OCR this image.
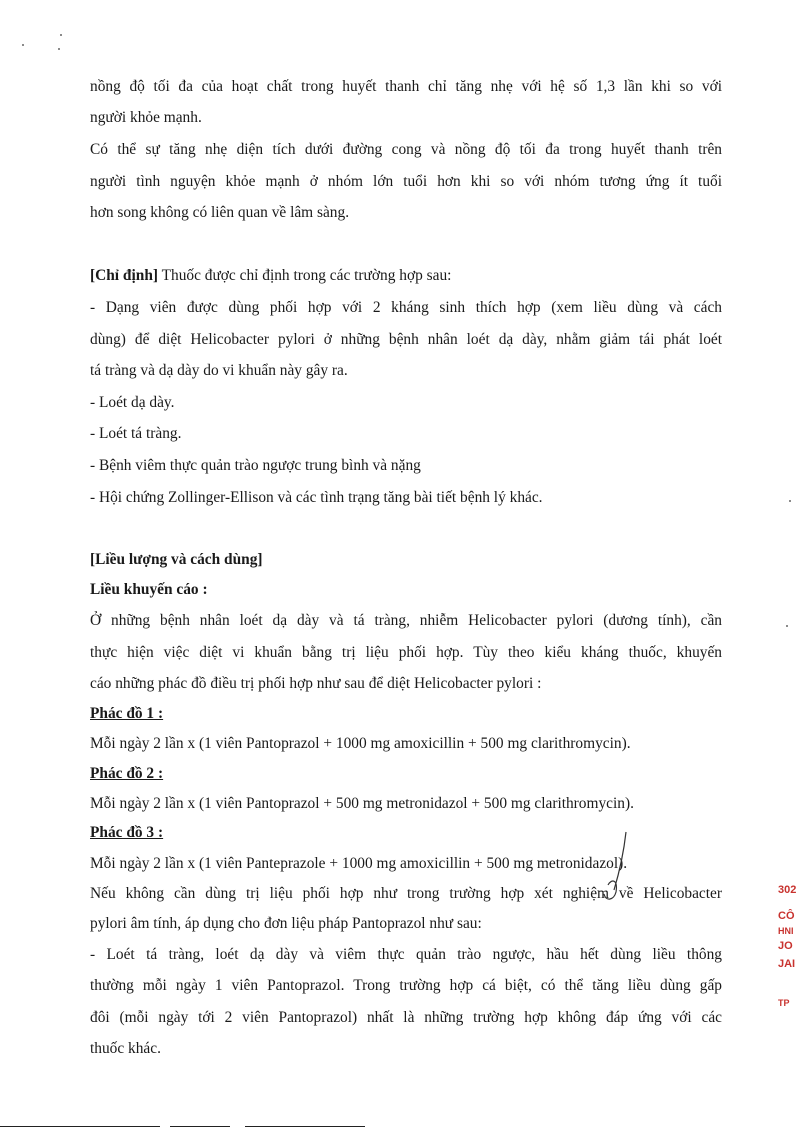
nồng độ tối đa của hoạt chất trong huyết thanh chỉ tăng nhẹ với hệ số 1,3 lần khi so với
người khỏe mạnh.
Có thể sự tăng nhẹ diện tích dưới đường cong và nồng độ tối đa trong huyết thanh trên
người tình nguyện khỏe mạnh ở nhóm lớn tuổi hơn khi so với nhóm tương ứng ít tuổi
hơn song không có liên quan về lâm sàng.
[Chỉ định] Thuốc được chỉ định trong các trường hợp sau:
- Dạng viên được dùng phối hợp với 2 kháng sinh thích hợp (xem liều dùng và cách
dùng) để diệt Helicobacter pylori ở những bệnh nhân loét dạ dày, nhằm giảm tái phát loét
tá tràng và dạ dày do vi khuẩn này gây ra.
- Loét dạ dày.
- Loét tá tràng.
- Bệnh viêm thực quản trào ngược trung bình và nặng
- Hội chứng Zollinger-Ellison và các tình trạng tăng bài tiết bệnh lý khác.
[Liều lượng và cách dùng]
Liều khuyến cáo :
Ở những bệnh nhân loét dạ dày và tá tràng, nhiễm Helicobacter pylori (dương tính), cần
thực hiện việc diệt vi khuẩn bằng trị liệu phối hợp. Tùy theo kiểu kháng thuốc, khuyến
cáo những phác đồ điều trị phối hợp như sau để diệt Helicobacter pylori :
Phác đồ 1 :
Mỗi ngày 2 lần x (1 viên Pantoprazol + 1000 mg amoxicillin + 500 mg clarithromycin).
Phác đồ 2 :
Mỗi ngày 2 lần x (1 viên Pantoprazol + 500 mg metronidazol + 500 mg clarithromycin).
Phác đồ 3 :
Mỗi ngày 2 lần x (1 viên Panteprazole + 1000 mg amoxicillin + 500 mg metronidazol).
Nếu không cần dùng trị liệu phối hợp như trong trường hợp xét nghiệm về Helicobacter
pylori âm tính, áp dụng cho đơn liệu pháp Pantoprazol như sau:
- Loét tá tràng, loét dạ dày và viêm thực quản trào ngược, hầu hết dùng liều thông
thường mỗi ngày 1 viên Pantoprazol. Trong trường hợp cá biệt, có thể tăng liều dùng gấp
đôi (mỗi ngày tới 2 viên Pantoprazol) nhất là những trường hợp không đáp ứng với các
thuốc khác.
302
CÔ
HNI
JO
JAI
TP
